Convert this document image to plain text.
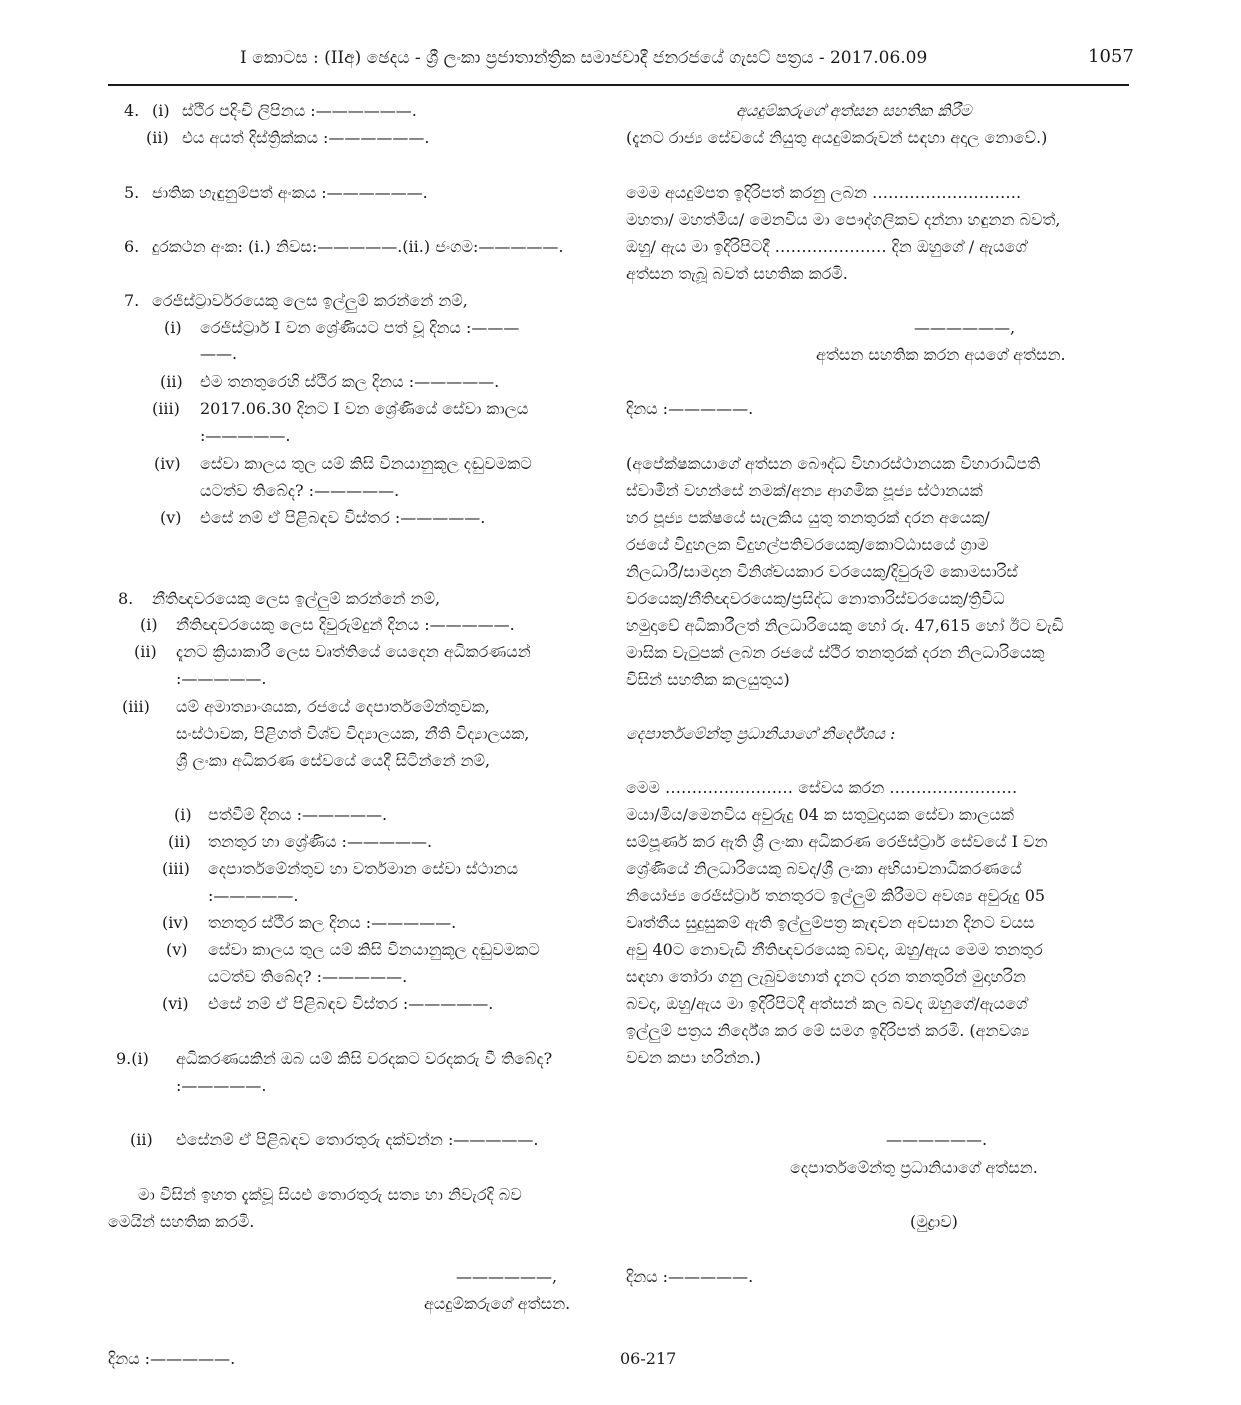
I කොටස : (IIඅ) ඡෙදය - ශ්‍රී ලංකා ප්‍රජාතාන්ත්‍රික සමාජවාදී ජනරජයේ ගැසට් පත්‍රය - 2017.06.09	1057
4. (i) ස්ථිර පදිංචි ලිපිනය :——————.
(ii) එය අයත් දිස්ත්‍රික්කය :——————.
5. ජාතික හැඳුනුම්පත් අංකය :——————.
6. දුරකථන අංක: (i.) නිවස:—————.(ii.) ජංගම:—————.
7. රෙජිස්ට්‍රාර්වරයෙකු ලෙස ඉල්ලුම් කරන්නේ නම්,
(i) රෙජිස්ට්‍රාර් I වන ශ්‍රේණියට පත් වූ දිනය :———
——.
(ii) එම තනතුරෙහි ස්ථිර කල දිනය :—————.
(iii) 2017.06.30 දිනට I වන ශ්‍රේණියේ සේවා කාලය
:—————.
(iv) සේවා කාලය තුල යම් කිසි විනයානුකූල දඬුවමකට
යටත්ව තිබේද? :—————.
(v) එසේ නම් ඒ පිළිබඳව විස්තර :—————.
8. නීතිඥවරයෙකු ලෙස ඉල්ලුම් කරන්නේ නම්,
(i) නීතිඥවරයෙකු ලෙස දිවුරුම්දුන් දිනය :—————.
(ii) දැනට ක්‍රියාකාරී ලෙස වෘත්තියේ යෙදෙන අධිකරණයන්
:—————.
(iii) යම් අමාත්‍යාංශයක, රජයේ දෙපාර්තමේන්තුවක,
සංස්ථාවක, පිළිගත් විශ්ව විද්‍යාලයක, නීති විද්‍යාලයක,
ශ්‍රී ලංකා අධිකරණ සේවයේ යෙදී සිටින්නේ නම්,
(i) පත්වීම් දිනය :—————.
(ii) තනතුර හා ශ්‍රේණිය :—————.
(iii) දෙපාර්තමේන්තුව හා වර්තමාන සේවා ස්ථානය
:—————.
(iv) තනතුර ස්ථිර කල දිනය :—————.
(v) සේවා කාලය තුල යම් කිසි විනයානුකූල දඬුවමකට
යටත්ව තිබේද? :—————.
(vi) එසේ නම් ඒ පිළිබඳව විස්තර :—————.
9.(i) අධිකරණයකින් ඔබ යම් කිසි වරදකට වරදකරු වී තිබේද?
:—————.
(ii) එසේනම් ඒ පිළිබඳව තොරතුරු දක්වන්න :—————.
මා විසින් ඉහත දැක්වූ සියළු තොරතුරු සත්‍ය හා නිවැරදි බව
මෙයින් සහතික කරමි.
——————,
අයදුම්කරුගේ අත්සන.
දිනය :—————.
අයදුම්කරුගේ අත්සන සහතික කිරීම
(දැනට රාජ්‍ය සේවයේ නියුතු අයදුම්කරුවන් සඳහා අදාල නොවේ.)
මෙම අයදුම්පත ඉදිරිපත් කරනු ලබන ……………………….
මහතා/ මහත්මිය/ මෙනවිය මා පෞද්ගලිකව දන්නා හඳුනන බවත්,
ඔහු/ ඇය මා ඉදිරිපිටදී ………………… දින ඔහුගේ / ඇයගේ
අත්සන තැබූ බවත් සහතික කරමි.
——————,
අත්සන සහතික කරන අයගේ අත්සන.
දිනය :—————.
(අපේක්ෂකයාගේ අත්සන බෞද්ධ විහාරස්ථානයක විහාරාධිපති
ස්වාමීන් වහන්සේ නමක්/අන්‍ය ආගමික පූජ්‍ය ස්ථානයක්
හර පූජ්‍ය පක්ෂයේ සැලකිය යුතු තනතුරක් දරන අයෙකු/
රජයේ විදුහලක විදුහල්පතිවරයෙකු/කොට්ඨාසයේ ග්‍රාම
නිලධාරී/සාමදාන විනිශ්චයකාර වරයෙකු/දිවුරුම් කොමසාරිස්
වරයෙකු/නීතිඥවරයෙකු/ප්‍රසිද්ධ නොතාරිස්වරයෙකු/ත්‍රිවිධ
හමුදාවේ අධිකාරීලත් නිලධාරියෙකු හෝ රු. 47,615 හෝ ඊට වැඩි
මාසික වැටුපක් ලබන රජයේ ස්ථිර තනතුරක් දරන නිලධාරියෙකු
විසින් සහතික කලයුතුය)
දෙපාර්තමේන්තු ප්‍රධානියාගේ නිර්දේශය :
මෙම …………………… සේවය කරන ……………………
මයා/මිය/මෙනවිය අවුරුදු 04 ක සතුටුදායක සේවා කාලයක්
සම්පූර්ණ කර ඇති ශ්‍රී ලංකා අධිකරණ රෙජිස්ට්‍රාර් සේවයේ I වන
ශ්‍රේණියේ නිලධාරියෙකු බවද/ශ්‍රී ලංකා අභියාචනාධිකරණයේ
නියෝජ්‍ය රෙජිස්ට්‍රාර් තනතුරට ඉල්ලුම් කිරීමට අවශ්‍ය අවුරුදු 05
වෘත්තීය සුදුසුකම් ඇති ඉල්ලුම්පත්‍ර කැඳවන අවසාන දිනට වයස
අවු 40ට නොවැඩි නීතිඥවරයෙකු බවද, ඔහු/ඇය මෙම තනතුර
සඳහා තෝරා ගනු ලැබුවහොත් දැනට දරන තනතුරින් මුදාහරින
බවද, ඔහු/ඇය මා ඉදිරිපිටදී අත්සන් කල බවද ඔහුගේ/ඇයගේ
ඉල්ලුම් පත්‍රය නිර්දේශ කර මේ සමග ඉදිරිපත් කරමි. (අනවශ්‍ය
වචන කපා හරින්න.)
——————.
දෙපාර්තමේන්තු ප්‍රධානියාගේ අත්සන.
(මුද්‍රාව)
දිනය :—————.
06-217
